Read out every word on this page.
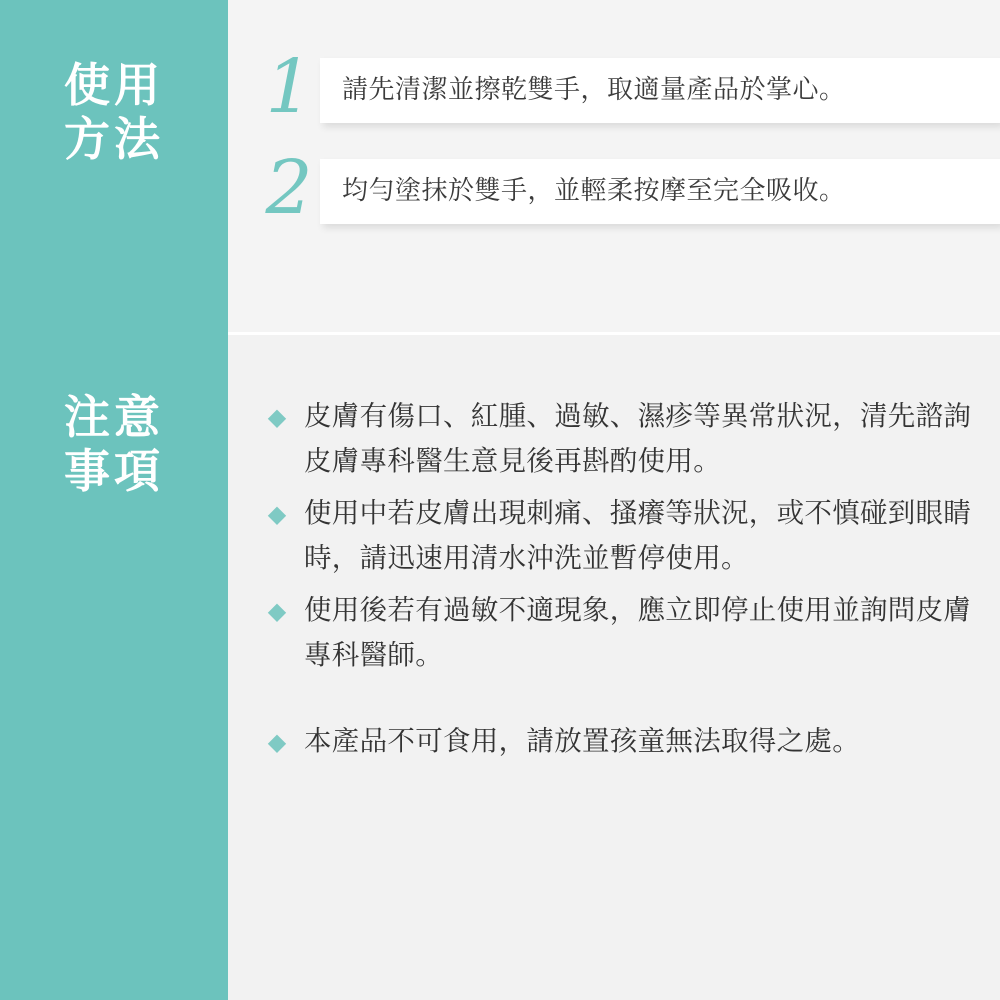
使用
方法
1 請先清潔並擦乾雙手，取適量產品於掌心。
2 均勻塗抹於雙手，並輕柔按摩至完全吸收。
注意
事項
◆ 皮膚有傷口、紅腫、過敏、濕疹等異常狀況，清先諮詢皮膚專科醫生意見後再斟酌使用。
◆ 使用中若皮膚出現刺痛、搔癢等狀況，或不慎碰到眼睛時，請迅速用清水沖洗並暫停使用。
◆ 使用後若有過敏不適現象，應立即停止使用並詢問皮膚專科醫師。
◆ 本產品不可食用，請放置孩童無法取得之處。
